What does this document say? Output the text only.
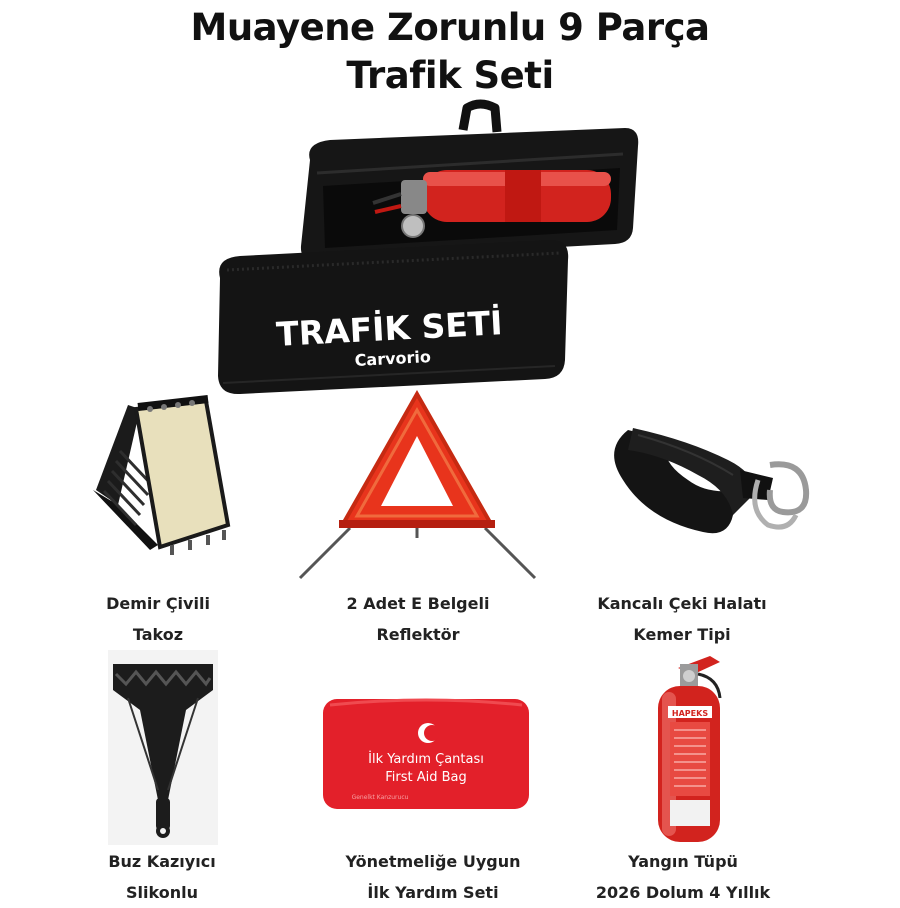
Muayene Zorunlu 9 Parça
Trafik Seti
TRAFİK SETİ
Carvorio
Demir Çivili
Takoz
2 Adet E Belgeli
Reflektör
Kancalı Çeki Halatı
Kemer Tipi
Buz Kazıyıcı
Slikonlu
İlk Yardım Çantası
First Aid Bag
Genelkt Kanzurucu
Yönetmeliğe Uygun
İlk Yardım Seti
HAPEKS
Yangın Tüpü
2026 Dolum 4 Yıllık
